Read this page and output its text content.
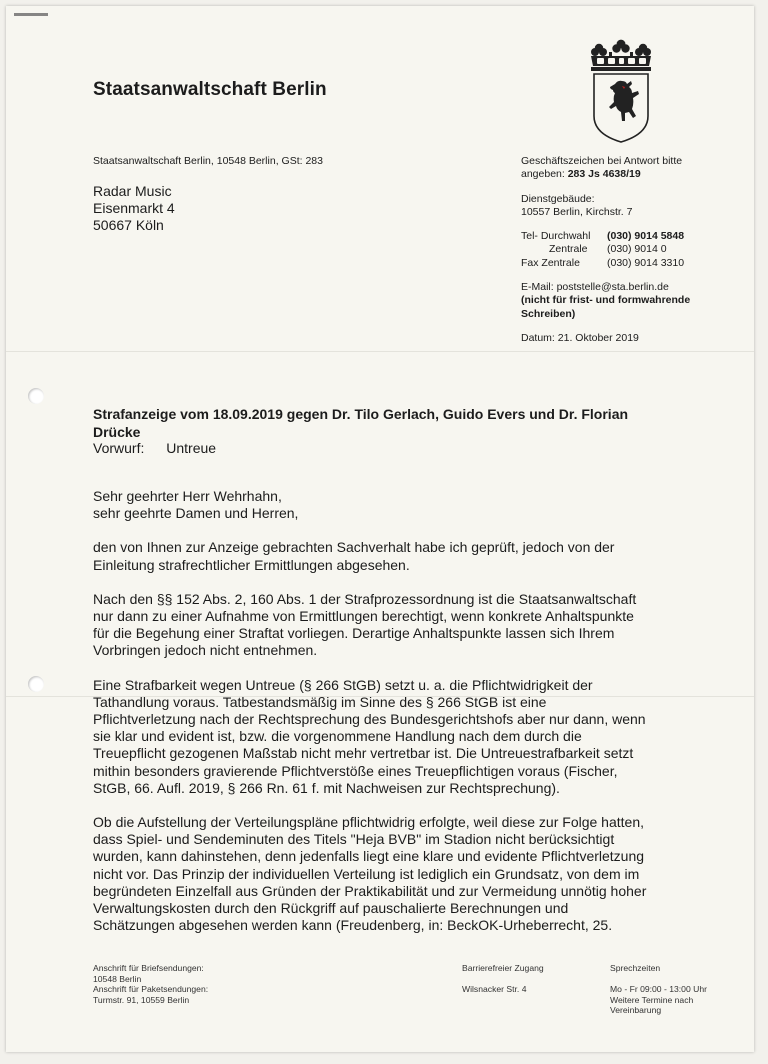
Staatsanwaltschaft Berlin
Staatsanwaltschaft Berlin, 10548 Berlin, GSt: 283
Radar Music
Eisenmarkt 4
50667 Köln
Geschäftszeichen bei Antwort bitte
angeben: 283 Js 4638/19
Dienstgebäude:
10557 Berlin, Kirchstr. 7
Tel- Durchwahl	(030) 9014 5848
Zentrale	(030) 9014 0
Fax Zentrale	(030) 9014 3310
E-Mail: poststelle@sta.berlin.de
(nicht für frist- und formwahrende
Schreiben)
Datum: 21. Oktober 2019
Strafanzeige vom 18.09.2019 gegen Dr. Tilo Gerlach, Guido Evers und Dr. Florian
Drücke
Vorwurf: Untreue

Sehr geehrter Herr Wehrhahn,
sehr geehrte Damen und Herren,

den von Ihnen zur Anzeige gebrachten Sachverhalt habe ich geprüft, jedoch von der
Einleitung strafrechtlicher Ermittlungen abgesehen.

Nach den §§ 152 Abs. 2, 160 Abs. 1 der Strafprozessordnung ist die Staatsanwaltschaft
nur dann zu einer Aufnahme von Ermittlungen berechtigt, wenn konkrete Anhaltspunkte
für die Begehung einer Straftat vorliegen. Derartige Anhaltspunkte lassen sich Ihrem
Vorbringen jedoch nicht entnehmen.

Eine Strafbarkeit wegen Untreue (§ 266 StGB) setzt u. a. die Pflichtwidrigkeit der
Tathandlung voraus. Tatbestandsmäßig im Sinne des § 266 StGB ist eine
Pflichtverletzung nach der Rechtsprechung des Bundesgerichtshofs aber nur dann, wenn
sie klar und evident ist, bzw. die vorgenommene Handlung nach dem durch die
Treuepflicht gezogenen Maßstab nicht mehr vertretbar ist. Die Untreuestrafbarkeit setzt
mithin besonders gravierende Pflichtverstöße eines Treuepflichtigen voraus (Fischer,
StGB, 66. Aufl. 2019, § 266 Rn. 61 f. mit Nachweisen zur Rechtsprechung).

Ob die Aufstellung der Verteilungspläne pflichtwidrig erfolgte, weil diese zur Folge hatten,
dass Spiel- und Sendeminuten des Titels "Heja BVB" im Stadion nicht berücksichtigt
wurden, kann dahinstehen, denn jedenfalls liegt eine klare und evidente Pflichtverletzung
nicht vor. Das Prinzip der individuellen Verteilung ist lediglich ein Grundsatz, von dem im
begründeten Einzelfall aus Gründen der Praktikabilität und zur Vermeidung unnötig hoher
Verwaltungskosten durch den Rückgriff auf pauschalierte Berechnungen und
Schätzungen abgesehen werden kann (Freudenberg, in: BeckOK-Urheberrecht, 25.

Anschrift für Briefsendungen:
10548 Berlin
Anschrift für Paketsendungen:
Turmstr. 91, 10559 Berlin
Barrierefreier Zugang
Wilsnacker Str. 4
Sprechzeiten
Mo - Fr 09:00 - 13:00 Uhr
Weitere Termine nach
Vereinbarung
